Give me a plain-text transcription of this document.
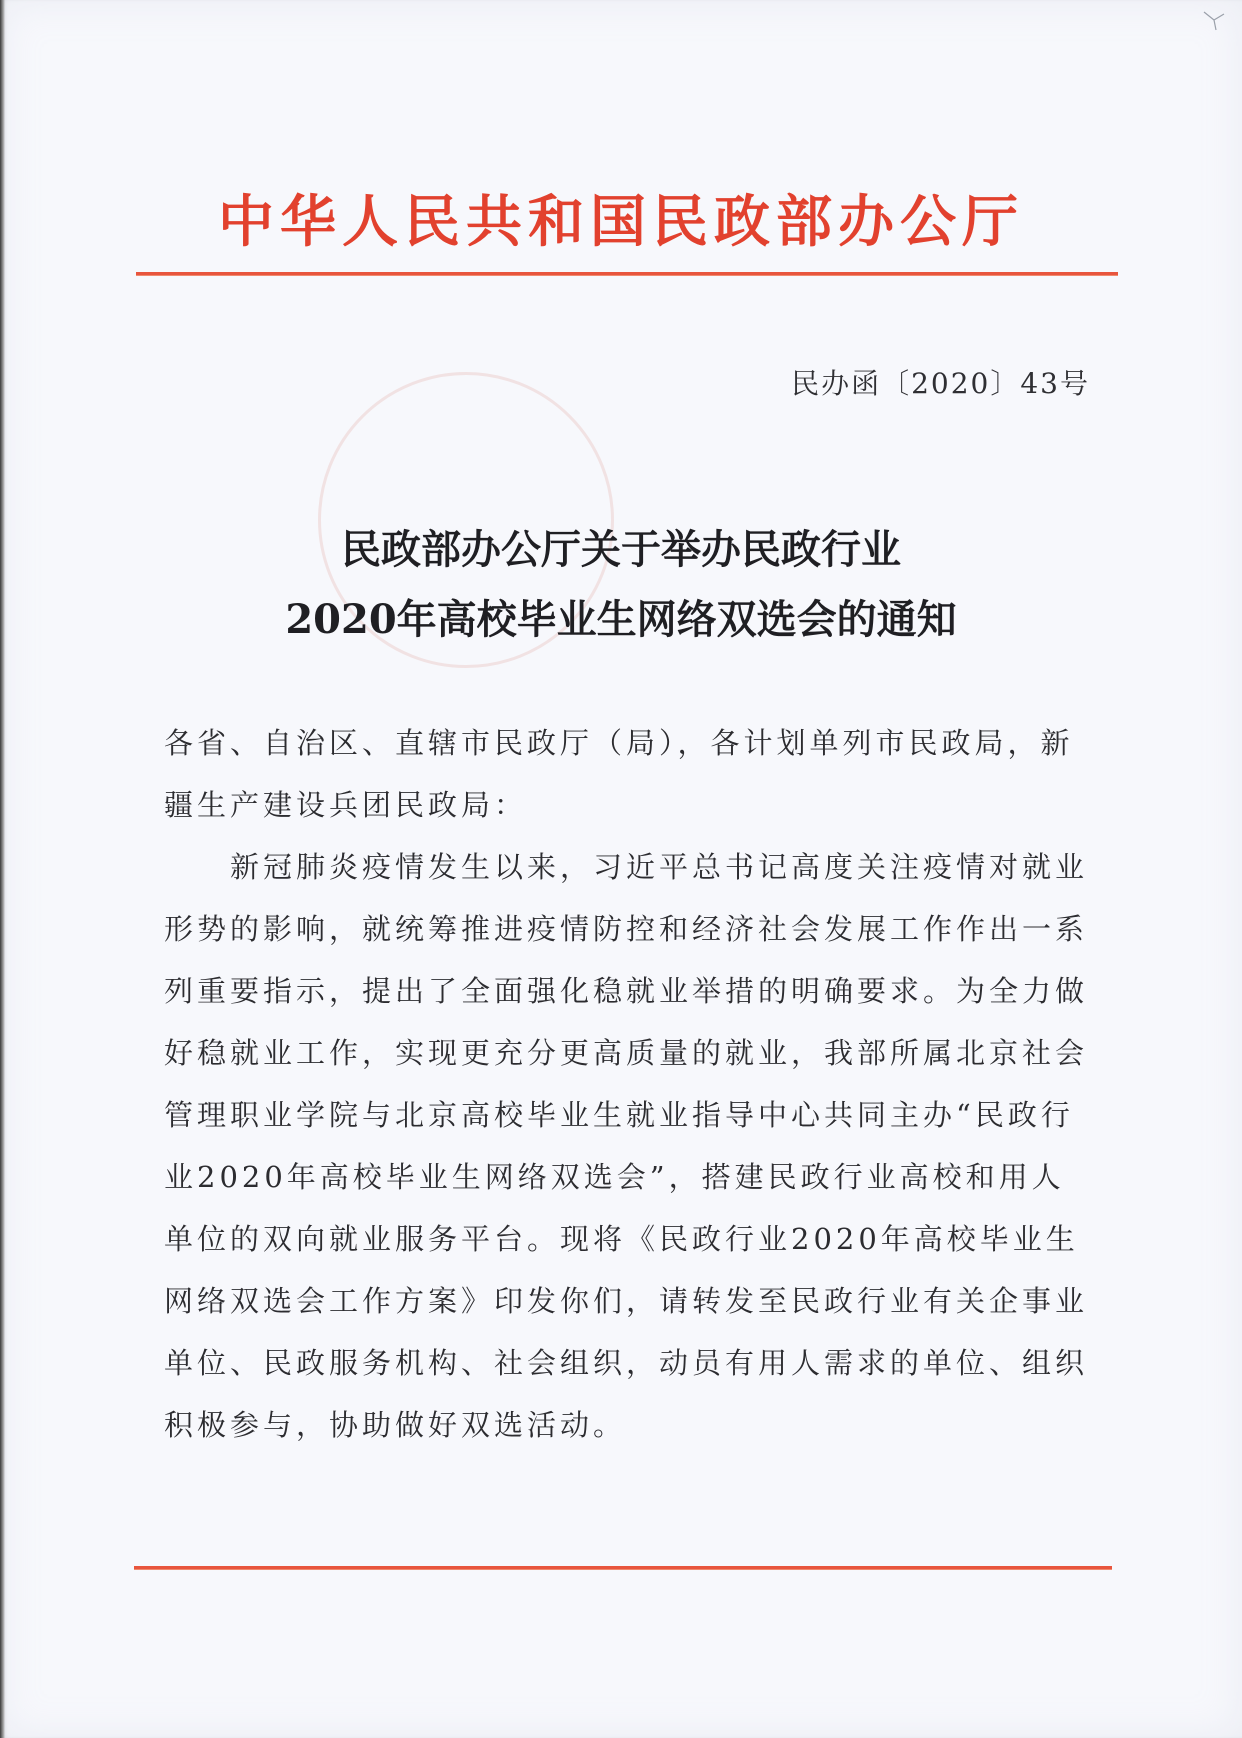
中华人民共和国民政部办公厅
民办函〔2020〕43号
民政部办公厅关于举办民政行业
2020年高校毕业生网络双选会的通知
各省、自治区、直辖市民政厅（局），各计划单列市民政局，新疆生产建设兵团民政局：
新冠肺炎疫情发生以来，习近平总书记高度关注疫情对就业形势的影响，就统筹推进疫情防控和经济社会发展工作作出一系列重要指示，提出了全面强化稳就业举措的明确要求。为全力做好稳就业工作，实现更充分更高质量的就业，我部所属北京社会管理职业学院与北京高校毕业生就业指导中心共同主办“民政行业2020年高校毕业生网络双选会”，搭建民政行业高校和用人单位的双向就业服务平台。现将《民政行业2020年高校毕业生网络双选会工作方案》印发你们，请转发至民政行业有关企事业单位、民政服务机构、社会组织，动员有用人需求的单位、组织积极参与，协助做好双选活动。
